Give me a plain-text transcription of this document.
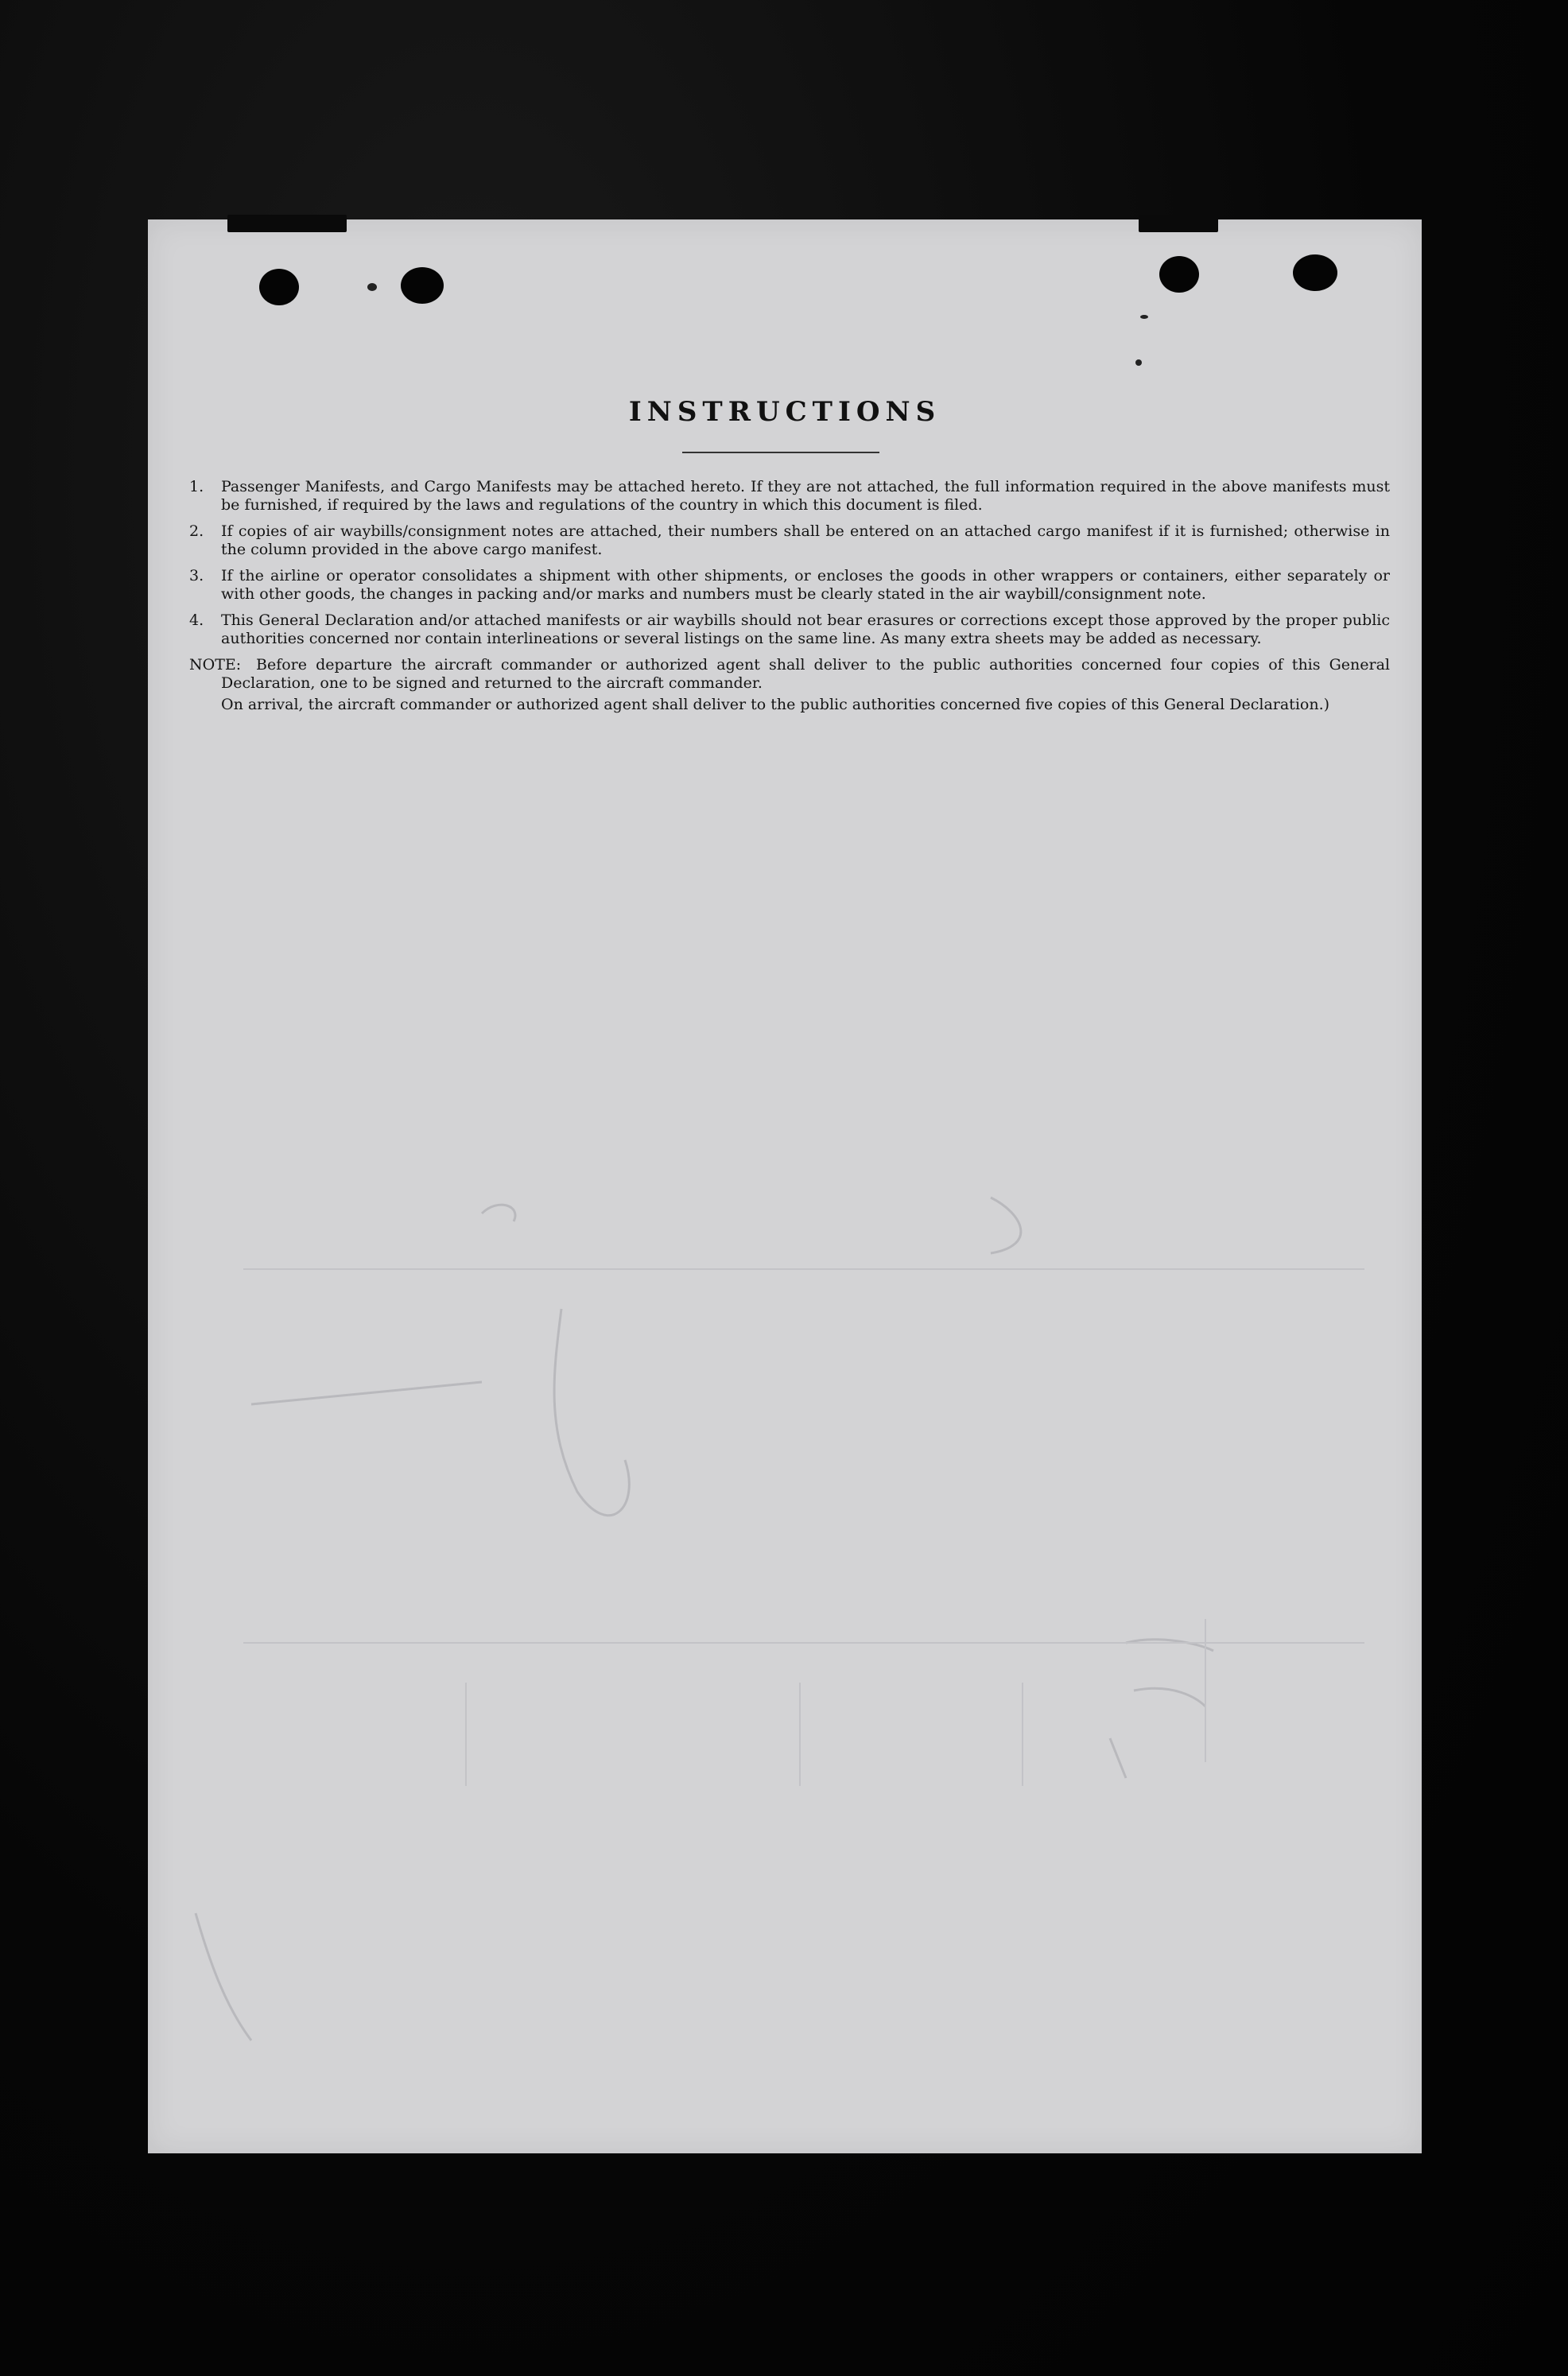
INSTRUCTIONS
1. Passenger Manifests, and Cargo Manifests may be attached hereto. If they are not attached, the full information required in the above manifests must be furnished, if required by the laws and regulations of the country in which this document is filed.
2. If copies of air waybills/consignment notes are attached, their numbers shall be entered on an attached cargo manifest if it is furnished; otherwise in the column provided in the above cargo manifest.
3. If the airline or operator consolidates a shipment with other shipments, or encloses the goods in other wrappers or containers, either separately or with other goods, the changes in packing and/or marks and numbers must be clearly stated in the air waybill/consignment note.
4. This General Declaration and/or attached manifests or air waybills should not bear erasures or corrections except those approved by the proper public authorities concerned nor contain interlineations or several listings on the same line. As many extra sheets may be added as necessary.
NOTE: Before departure the aircraft commander or authorized agent shall deliver to the public authorities concerned four copies of this General Declaration, one to be signed and returned to the aircraft commander.
On arrival, the aircraft commander or authorized agent shall deliver to the public authorities concerned five copies of this General Declaration.)
